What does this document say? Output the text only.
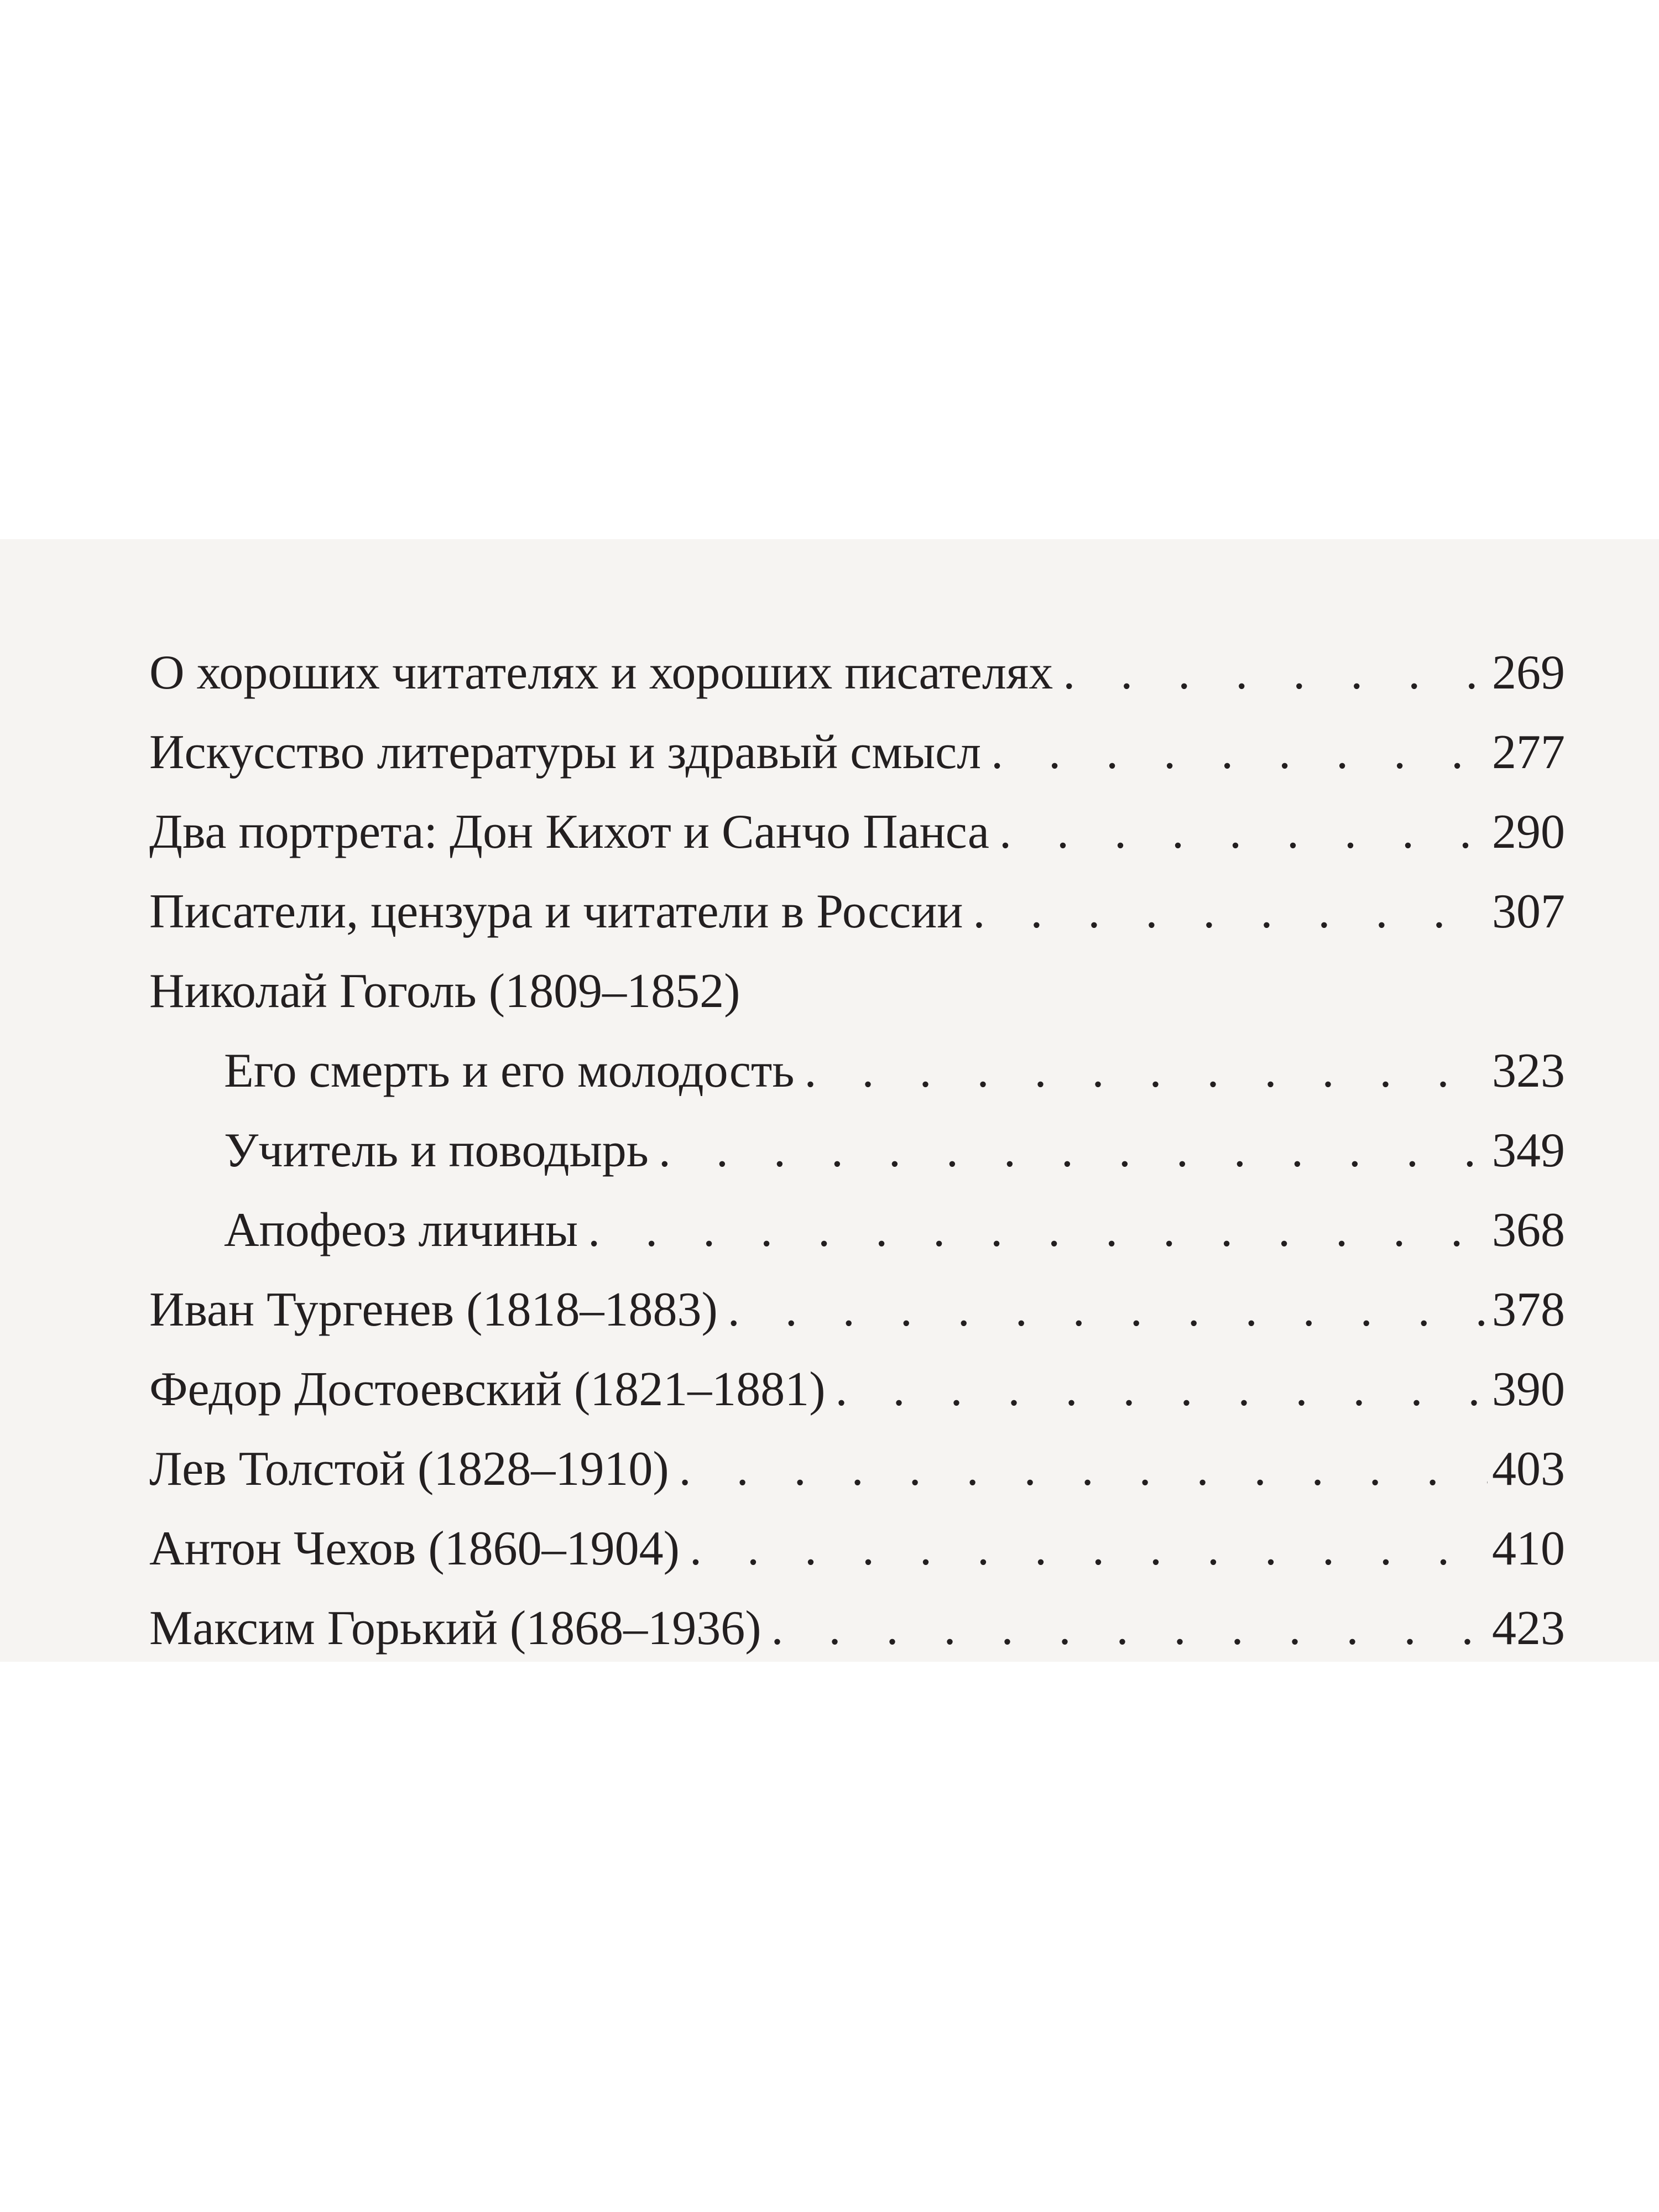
О хороших читателях и хороших писателях . . .	269
Искусство литературы и здравый смысл . . .	277
Два портрета: Дон Кихот и Санчо Панса . . .	290
Писатели, цензура и читатели в России . . .	307
Николай Гоголь (1809–1852)
Его смерть и его молодость . . .	323
Учитель и поводырь . . .	349
Апофеоз личины . . .	368
Иван Тургенев (1818–1883) . . .	378
Федор Достоевский (1821–1881) . . .	390
Лев Толстой (1828–1910) . . .	403
Антон Чехов (1860–1904) . . .	410
Максим Горький (1868–1936) . . .	423
